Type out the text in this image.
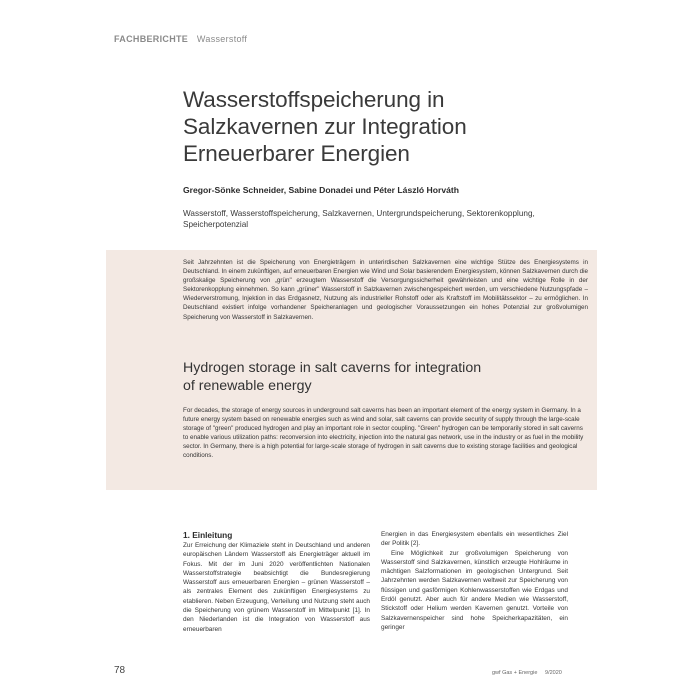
FACHBERICHTE Wasserstoff
Wasserstoffspeicherung in
Salzkavernen zur Integration
Erneuerbarer Energien
Gregor-Sönke Schneider, Sabine Donadei und Péter László Horváth
Wasserstoff, Wasserstoffspeicherung, Salzkavernen, Untergrundspeicherung, Sektorenkopplung, Speicherpotenzial
Seit Jahrzehnten ist die Speicherung von Energieträgern in unterirdischen Salzkavernen eine wichtige Stütze des Energiesystems in Deutschland. In einem zukünftigen, auf erneuerbaren Energien wie Wind und Solar basierendem Energiesystem, können Salzkavernen durch die großskalige Speicherung von „grün" erzeugtem Wasserstoff die Versorgungssicherheit gewährleisten und eine wichtige Rolle in der Sektorenkopplung einnehmen. So kann „grüner" Wasserstoff in Salzkavernen zwischengespeichert werden, um verschiedene Nutzungspfade – Wiederverstromung, Injektion in das Erdgasnetz, Nutzung als industrieller Rohstoff oder als Kraftstoff im Mobilitätssektor – zu ermöglichen. In Deutschland existiert infolge vorhandener Speicheranlagen und geologischer Voraussetzungen ein hohes Potenzial zur großvolumigen Speicherung von Wasserstoff in Salzkavernen.
Hydrogen storage in salt caverns for integration
of renewable energy
For decades, the storage of energy sources in underground salt caverns has been an important element of the energy system in Germany. In a future energy system based on renewable energies such as wind and solar, salt caverns can provide security of supply through the large-scale storage of "green" produced hydrogen and play an important role in sector coupling. "Green" hydrogen can be temporarily stored in salt caverns to enable various utilization paths: reconversion into electricity, injection into the natural gas network, use in the industry or as fuel in the mobility sector. In Germany, there is a high potential for large-scale storage of hydrogen in salt caverns due to existing storage facilities and geological conditions.
1. Einleitung
Zur Erreichung der Klimaziele steht in Deutschland und anderen europäischen Ländern Wasserstoff als Energieträger aktuell im Fokus. Mit der im Juni 2020 veröffentlichten Nationalen Wasserstoffstrategie beabsichtigt die Bundesregierung Wasserstoff aus erneuerbaren Energien – grünen Wasserstoff – als zentrales Element des zukünftigen Energiesystems zu etablieren. Neben Erzeugung, Verteilung und Nutzung steht auch die Speicherung von grünem Wasserstoff im Mittelpunkt [1]. In den Niederlanden ist die Integration von Wasserstoff aus erneuerbaren
Energien in das Energiesystem ebenfalls ein wesentliches Ziel der Politik [2].
Eine Möglichkeit zur großvolumigen Speicherung von Wasserstoff sind Salzkavernen, künstlich erzeugte Hohlräume in mächtigen Salzformationen im geologischen Untergrund. Seit Jahrzehnten werden Salzkavernen weltweit zur Speicherung von flüssigen und gasförmigen Kohlenwasserstoffen wie Erdgas und Erdöl genutzt. Aber auch für andere Medien wie Wasserstoff, Stickstoff oder Helium werden Kavernen genutzt. Vorteile von Salzkavernenspeicher sind hohe Speicherkapazitäten, ein geringer
78	gwf Gas + Energie     9/2020
